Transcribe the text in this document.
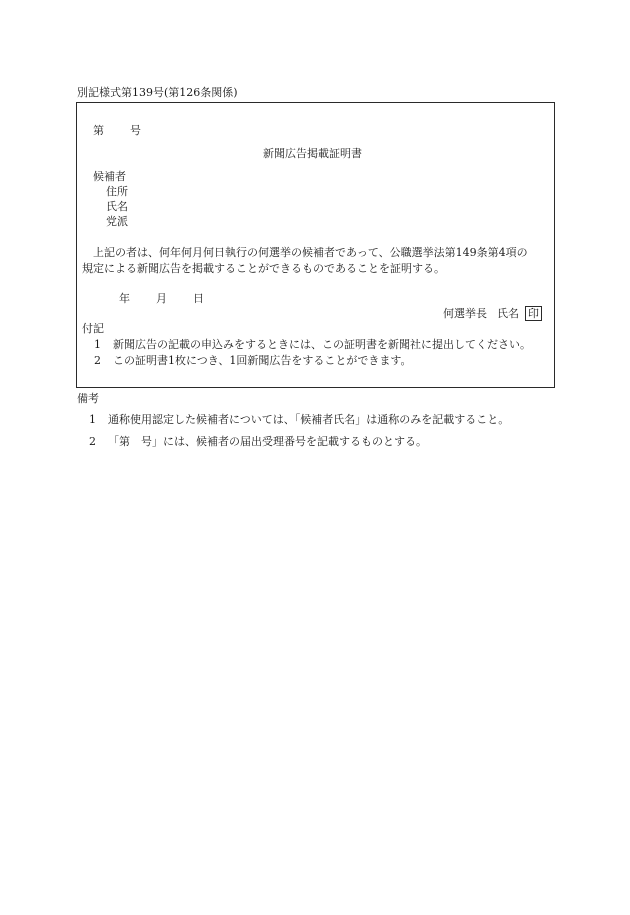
別記様式第139号(第126条関係)
第 号
新聞広告掲載証明書
候補者
住所
氏名
党派
上記の者は、何年何月何日執行の何選挙の候補者であって、公職選挙法第149条第4項の
規定による新聞広告を掲載することができるものであることを証明する。
年 月 日
何選挙長 氏名 印
付記
1 新聞広告の記載の申込みをするときには、この証明書を新聞社に提出してください。
2 この証明書1枚につき、1回新聞広告をすることができます。
備考
1 通称使用認定した候補者については、「候補者氏名」は通称のみを記載すること。
2 「第　号」には、候補者の届出受理番号を記載するものとする。
